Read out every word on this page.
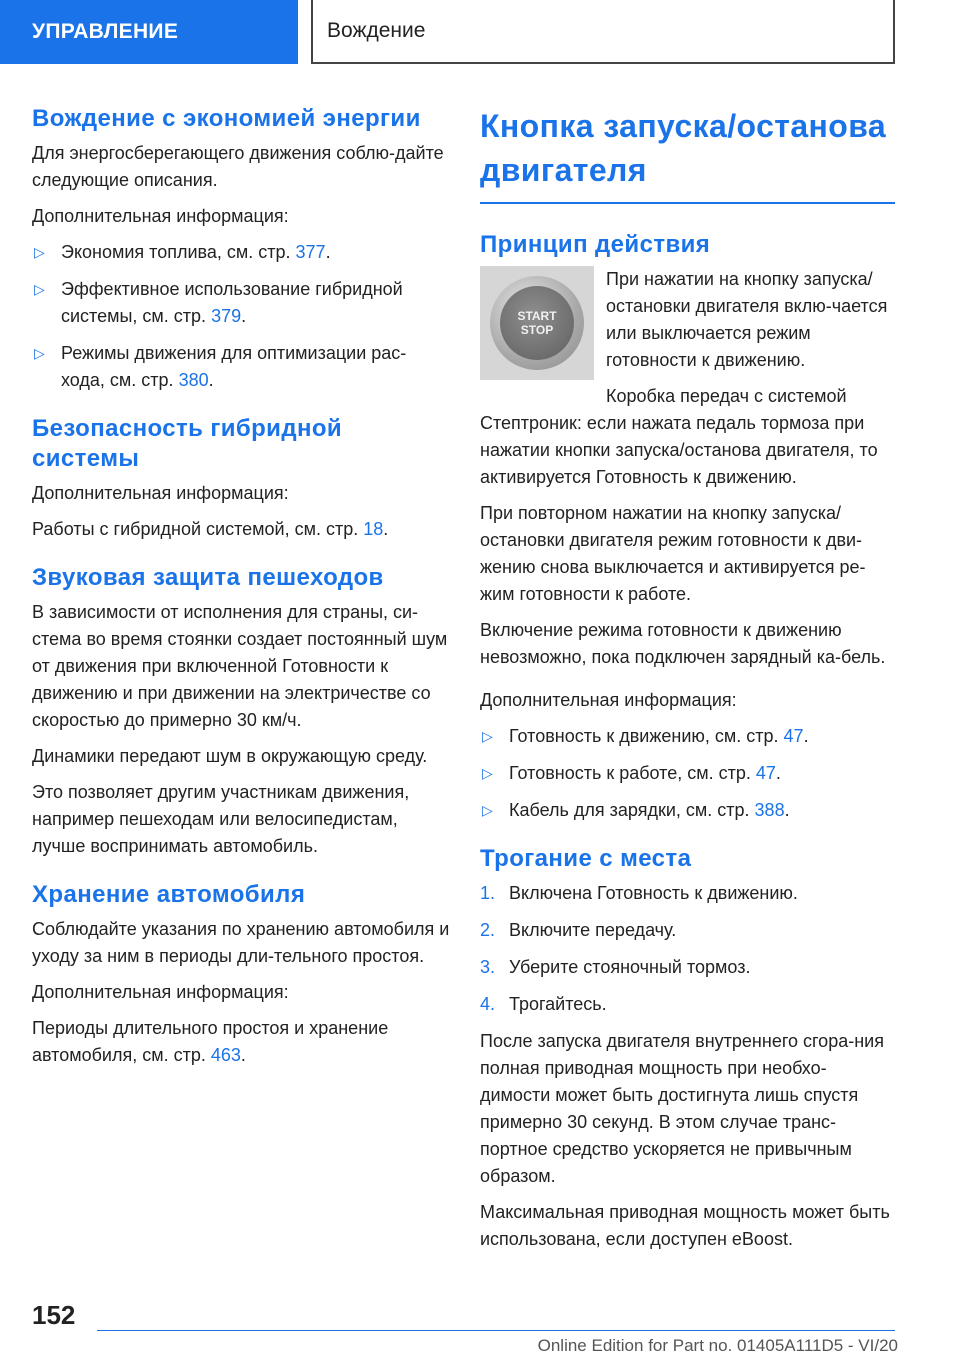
УПРАВЛЕНИЕ	Вождение
Вождение с экономией энергии

Для энергосберегающего движения соблю-дайте следующие описания.

Дополнительная информация:

▷ Экономия топлива, см. стр. 377.
▷ Эффективное использование гибридной системы, см. стр. 379.
▷ Режимы движения для оптимизации рас-хода, см. стр. 380.
Безопасность гибридной системы

Дополнительная информация:

Работы с гибридной системой, см. стр. 18.

Звуковая защита пешеходов

В зависимости от исполнения для страны, си-стема во время стоянки создает постоянный шум от движения при включенной Готовности к движению и при движении на электричестве со скоростью до примерно 30 км/ч.

Динамики передают шум в окружающую среду.

Это позволяет другим участникам движения, например пешеходам или велосипедистам, лучше воспринимать автомобиль.

Хранение автомобиля

Соблюдайте указания по хранению автомобиля и уходу за ним в периоды дли-тельного простоя.

Дополнительная информация:

Периоды длительного простоя и хранение автомобиля, см. стр. 463.

Кнопка запуска/останова двигателя
Принцип действия
START
STOP

При нажатии на кнопку запуска/ остановки двигателя вклю-чается или выключается режим готовности к движению.

Коробка передач с системой

Стептроник: если нажата педаль тормоза при нажатии кнопки запуска/останова двигателя, то активируется Готовность к движению.

При повторном нажатии на кнопку запуска/ остановки двигателя режим готовности к дви-жению снова выключается и активируется ре-жим готовности к работе.

Включение режима готовности к движению невозможно, пока подключен зарядный ка-бель.

Дополнительная информация:

▷ Готовность к движению, см. стр. 47.
▷ Готовность к работе, см. стр. 47.
▷ Кабель для зарядки, см. стр. 388.
Трогание с места
1. Включена Готовность к движению.
2. Включите передачу.
3. Уберите стояночный тормоз.
4. Трогайтесь.

После запуска двигателя внутреннего сгора-ния полная приводная мощность при необхо-димости может быть достигнута лишь спустя примерно 30 секунд. В этом случае транс-портное средство ускоряется не привычным образом.

Максимальная приводная мощность может быть использована, если доступен eBoost.

152
Online Edition for Part no. 01405A111D5 - VI/20
